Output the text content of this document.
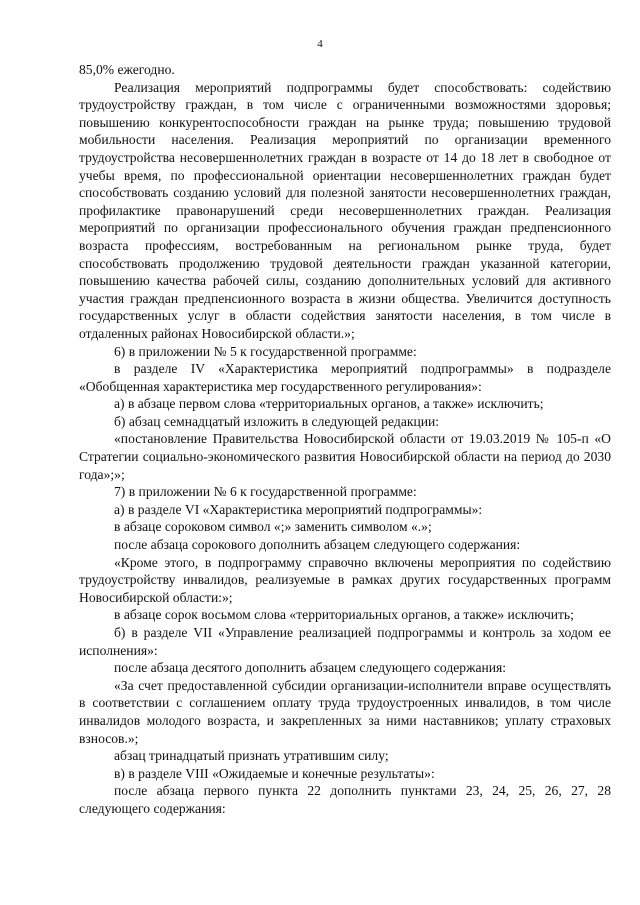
4

85,0% ежегодно.

Реализация мероприятий подпрограммы будет способствовать: содействию трудоустройству граждан, в том числе с ограниченными возможностями здоровья; повышению конкурентоспособности граждан на рынке труда; повышению трудовой мобильности населения. Реализация мероприятий по организации временного трудоустройства несовершеннолетних граждан в возрасте от 14 до 18 лет в свободное от учебы время, по профессиональной ориентации несовершеннолетних граждан будет способствовать созданию условий для полезной занятости несовершеннолетних граждан, профилактике правонарушений среди несовершеннолетних граждан. Реализация мероприятий по организации профессионального обучения граждан предпенсионного возраста профессиям, востребованным на региональном рынке труда, будет способствовать продолжению трудовой деятельности граждан указанной категории, повышению качества рабочей силы, созданию дополнительных условий для активного участия граждан предпенсионного возраста в жизни общества. Увеличится доступность государственных услуг в области содействия занятости населения, в том числе в отдаленных районах Новосибирской области.»;

6) в приложении № 5 к государственной программе:

в разделе IV «Характеристика мероприятий подпрограммы» в подразделе «Обобщенная характеристика мер государственного регулирования»:

а) в абзаце первом слова «территориальных органов, а также» исключить;

б) абзац семнадцатый изложить в следующей редакции:

«постановление Правительства Новосибирской области от 19.03.2019 № 105-п «О Стратегии социально-экономического развития Новосибирской области на период до 2030 года»;»;

7) в приложении № 6 к государственной программе:

а) в разделе VI «Характеристика мероприятий подпрограммы»:

в абзаце сороковом символ «;» заменить символом «.»;

после абзаца сорокового дополнить абзацем следующего содержания:

«Кроме этого, в подпрограмму справочно включены мероприятия по содействию трудоустройству инвалидов, реализуемые в рамках других государственных программ Новосибирской области:»;

в абзаце сорок восьмом слова «территориальных органов, а также» исключить;

б) в разделе VII «Управление реализацией подпрограммы и контроль за ходом ее исполнения»:

после абзаца десятого дополнить абзацем следующего содержания:

«За счет предоставленной субсидии организации-исполнители вправе осуществлять в соответствии с соглашением оплату труда трудоустроенных инвалидов, в том числе инвалидов молодого возраста, и закрепленных за ними наставников; уплату страховых взносов.»;

абзац тринадцатый признать утратившим силу;

в) в разделе VIII «Ожидаемые и конечные результаты»:

после абзаца первого пункта 22 дополнить пунктами 23, 24, 25, 26, 27, 28 следующего содержания:
